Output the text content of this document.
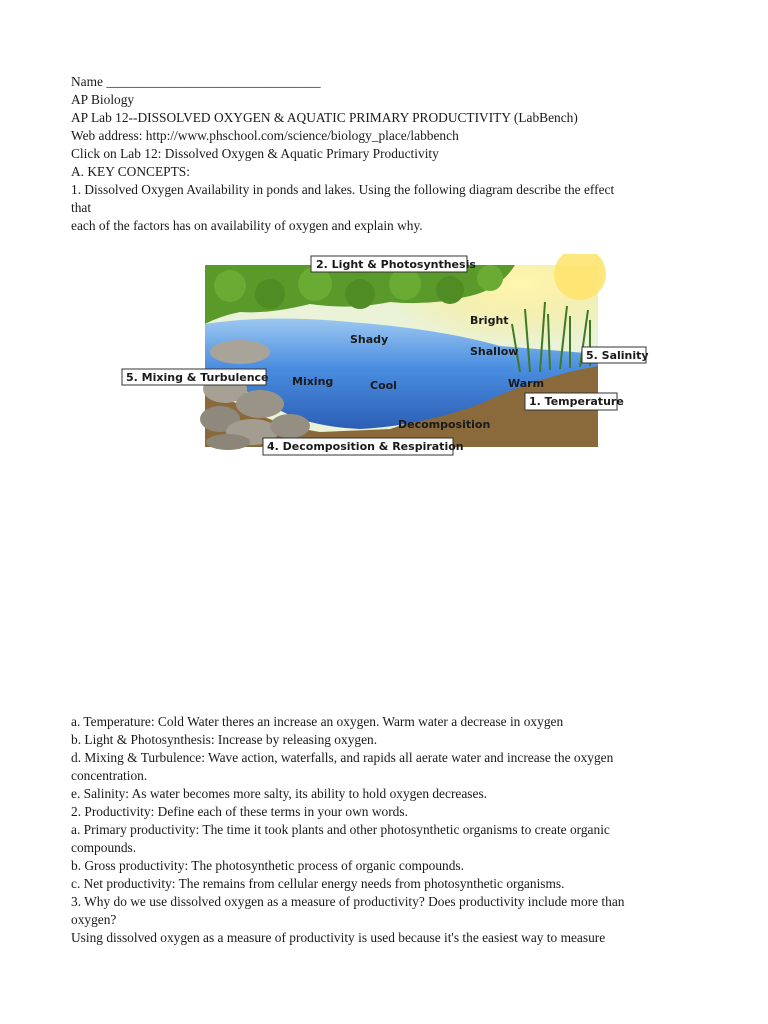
Name ________________________________
AP Biology
AP Lab 12--DISSOLVED OXYGEN & AQUATIC PRIMARY PRODUCTIVITY (LabBench)
Web address: http://www.phschool.com/science/biology_place/labbench
Click on Lab 12: Dissolved Oxygen & Aquatic Primary Productivity
A. KEY CONCEPTS:
1. Dissolved Oxygen Availability in ponds and lakes. Using the following diagram describe the effect
that
each of the factors has on availability of oxygen and explain why.
Shady
Bright
Shallow
Mixing	Cool	Warm
Decomposition
2. Light & Photosynthesis
5. Salinity
5. Mixing & Turbulence
1. Temperature
4. Decomposition & Respiration
a. Temperature: Cold Water theres an increase an oxygen. Warm water a decrease in oxygen
b. Light & Photosynthesis: Increase by releasing oxygen.
d. Mixing & Turbulence: Wave action, waterfalls, and rapids all aerate water and increase the oxygen
concentration.
e. Salinity: As water becomes more salty, its ability to hold oxygen decreases.
2. Productivity: Define each of these terms in your own words.
a. Primary productivity: The time it took plants and other photosynthetic organisms to create organic
compounds.
b. Gross productivity: The photosynthetic process of organic compounds.
c. Net productivity: The remains from cellular energy needs from photosynthetic organisms.
3. Why do we use dissolved oxygen as a measure of productivity? Does productivity include more than
oxygen?
Using dissolved oxygen as a measure of productivity is used because it's the easiest way to measure
